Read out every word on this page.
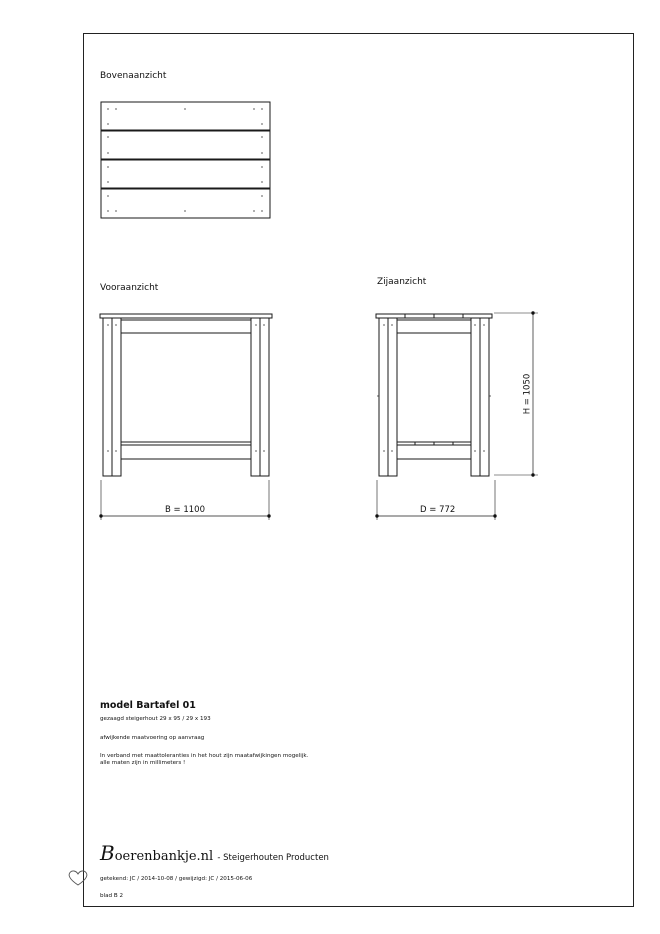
Bovenaanzicht
Vooraanzicht
Zijaanzicht
B = 1100	D = 772
H = 1050
model Bartafel 01
gezaagd steigerhout 29 x 95 / 29 x 193
afwijkende maatvoering op aanvraag
In verband met maattoleranties in het hout zijn maatafwijkingen mogelijk.
alle maten zijn in millimeters !
Boerenbankje.nl - Steigerhouten Producten
getekend: JC / 2014-10-08 / gewijzigd: JC / 2015-06-06
blad B 2
